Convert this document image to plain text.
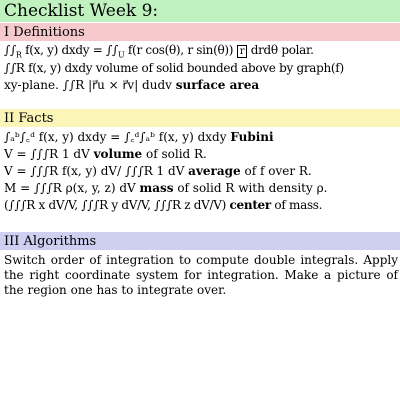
Checklist Week 9:
I Definitions
$\int\int_R$ f(x, y) dxdy = $\int\int_U$ f(r cos(θ), r sin(θ)) r drdθ polar.
∫∫R f(x, y) dxdy volume of solid bounded above by graph(f)
xy-plane. ∫∫R |r⃗u × r⃗v| dudv surface area
II Facts
∫ₐᵇ∫꜀ᵈ f(x, y) dxdy = ∫꜀ᵈ∫ₐᵇ f(x, y) dxdy Fubini
V = ∫∫∫R 1 dV volume of solid R.
V = ∫∫∫R f(x, y) dV/ ∫∫∫R 1 dV average of f over R.
M = ∫∫∫R ρ(x, y, z) dV mass of solid R with density ρ.
(∫∫∫R x dV/V, ∫∫∫R y dV/V, ∫∫∫R z dV/V) center of mass.
III Algorithms
Switch order of integration to compute double integrals. Apply the right coordinate system for integration. Make a picture of the region one has to integrate over.
